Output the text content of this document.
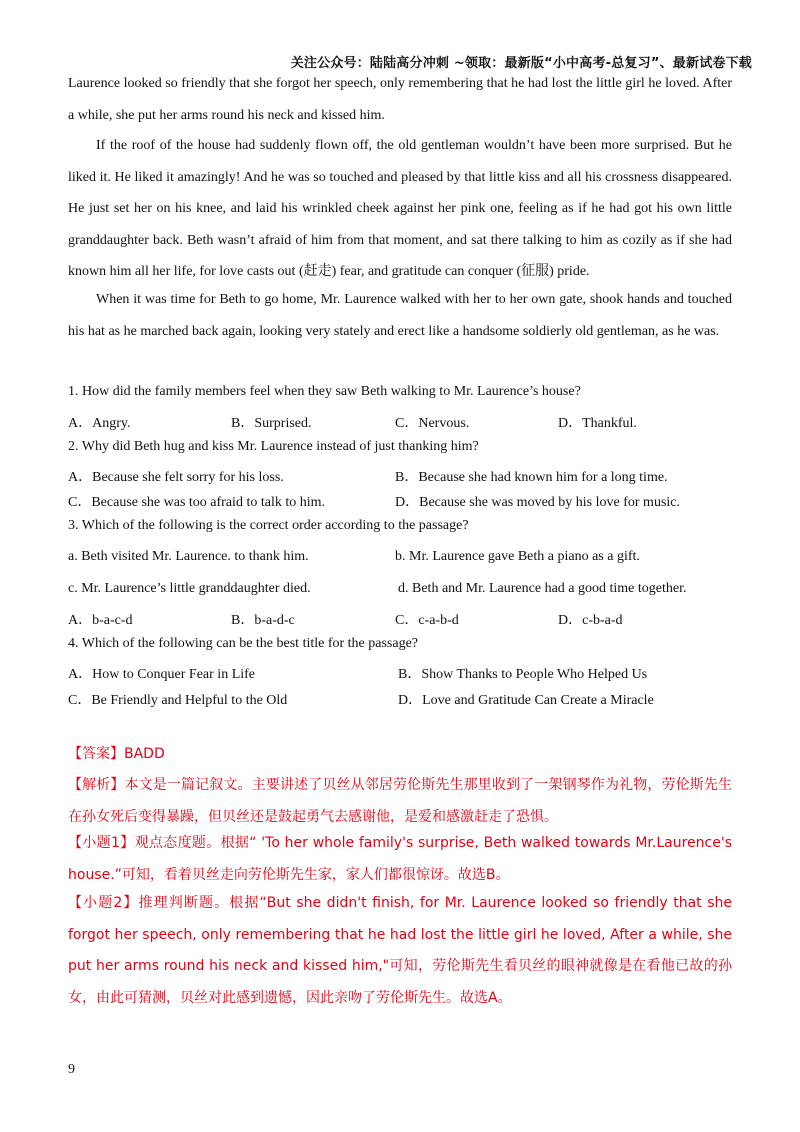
关注公众号：陆陆高分冲刺 ~领取：最新版“小中高考-总复习”、最新试卷下载

Laurence looked so friendly that she forgot her speech, only remembering that he had lost the little girl he loved. After a while, she put her arms round his neck and kissed him.

If the roof of the house had suddenly flown off, the old gentleman wouldn’t have been more surprised. But he liked it. He liked it amazingly! And he was so touched and pleased by that little kiss and all his crossness disappeared. He just set her on his knee, and laid his wrinkled cheek against her pink one, feeling as if he had got his own little granddaughter back. Beth wasn’t afraid of him from that moment, and sat there talking to him as cozily as if she had known him all her life, for love casts out (赶走) fear, and gratitude can conquer (征服) pride.

When it was time for Beth to go home, Mr. Laurence walked with her to her own gate, shook hands and touched his hat as he marched back again, looking very stately and erect like a handsome soldierly old gentleman, as he was.

1. How did the family members feel when they saw Beth walking to Mr. Laurence’s house?
A．Angry.	B．Surprised.	C．Nervous.	D．Thankful.
2. Why did Beth hug and kiss Mr. Laurence instead of just thanking him?
A．Because she felt sorry for his loss.	B．Because she had known him for a long time.
C．Because she was too afraid to talk to him.	D．Because she was moved by his love for music.
3. Which of the following is the correct order according to the passage?
a. Beth visited Mr. Laurence. to thank him.	b. Mr. Laurence gave Beth a piano as a gift.
c. Mr. Laurence’s little granddaughter died.	d. Beth and Mr. Laurence had a good time together.
A．b-a-c-d	B．b-a-d-c	C．c-a-b-d	D．c-b-a-d
4. Which of the following can be the best title for the passage?
A．How to Conquer Fear in Life	B．Show Thanks to People Who Helped Us
C．Be Friendly and Helpful to the Old	D．Love and Gratitude Can Create a Miracle

【答案】BADD

【解析】本文是一篇记叙文。主要讲述了贝丝从邻居劳伦斯先生那里收到了一架钢琴作为礼物，劳伦斯先生在孙女死后变得暴躁，但贝丝还是鼓起勇气去感谢他，是爱和感激赶走了恐惧。

【小题1】观点态度题。根据“ 'To her whole family's surprise, Beth walked towards Mr.Laurence's house.”可知，看着贝丝走向劳伦斯先生家，家人们都很惊讶。故选B。

【小题2】推理判断题。根据“But she didn't finish, for Mr. Laurence looked so friendly that she forgot her speech, only remembering that he had lost the little girl he loved, After a while, she put her arms round his neck and kissed him,"可知，劳伦斯先生看贝丝的眼神就像是在看他已故的孙女，由此可猜测，贝丝对此感到遗憾，因此亲吻了劳伦斯先生。故选A。

9
